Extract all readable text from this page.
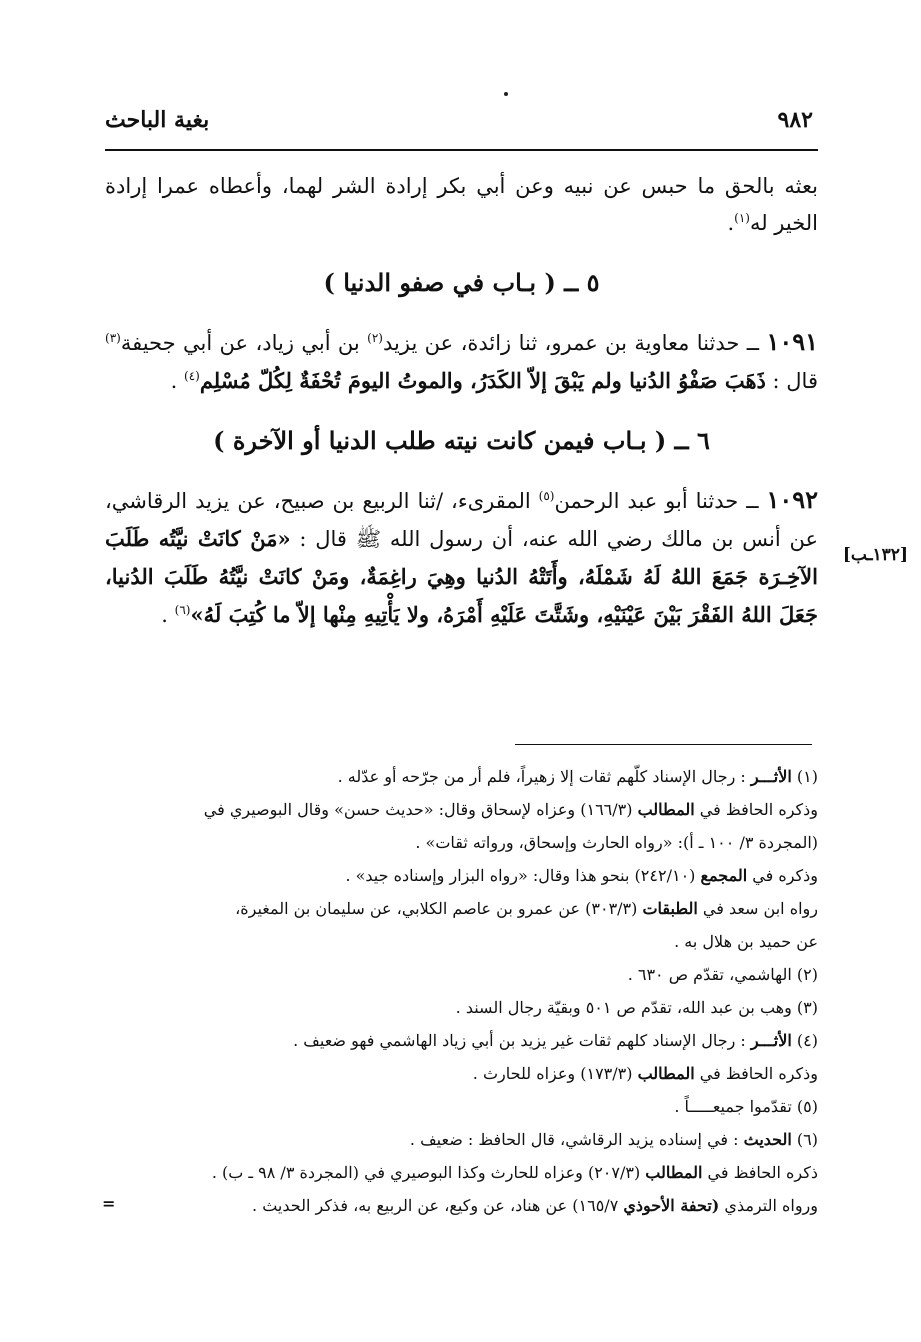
٩٨٢
بغية الباحث

بعثه بالحق ما حبس عن نبيه وعن أبي بكر إرادة الشر لهما، وأعطاه عمرا إرادة الخير له$^{(١)}$.

٥ ــ ( بـاب في صفو الدنيا )

١٠٩١ ــ حدثنا معاوية بن عمرو، ثنا زائدة، عن يزيد$^{(٢)}$ بن أبي زياد، عن أبي جحيفة$^{(٣)}$ قال : ذَهَبَ صَفْوُ الدُنيا ولم يَبْقَ إلاّ الكَدَرُ، والموتُ اليومَ تُحْفَةٌ لِكُلّ مُسْلِم$^{(٤)}$ .

٦ ــ ( بـاب فيمن كانت نيته طلب الدنيا أو الآخرة )

١٠٩٢ ــ حدثنا أبو عبد الرحمن$^{(٥)}$ المقرىء، /ثنا الربيع بن صبيح، عن يزيد الرقاشي، عن أنس بن مالك رضي الله عنه، أن رسول الله ﷺ قال : «مَنْ كانَتْ نيَّتُه طَلَبَ الآخِـرَة جَمَعَ اللهُ لَهُ شَمْلَهُ، وأَتَتْهُ الدُنيا وهِيَ راغِمَةٌ، ومَنْ كانَتْ نيَّتُهُ طَلَبَ الدُنيا، جَعَلَ اللهُ الفَقْرَ بَيْنَ عَيْنَيْهِ، وشَتَّتَ عَلَيْهِ أَمْرَهُ، ولا يَأْتِيهِ مِنْها إلاّ ما كُتِبَ لَهُ»$^{(٦)}$ .

[١٣٢ـب]

(١) الأثـــر : رجال الإسناد كلّهم ثقات إلا زهيراً، فلم أر من جرّحه أو عدّله .

وذكره الحافظ في المطالب (١٦٦/٣) وعزاه لإسحاق وقال: «حديث حسن» وقال البوصيري في

(المجردة ٣/ ١٠٠ ـ أ): «رواه الحارث وإسحاق، ورواته ثقات» .

وذكره في المجمع (٢٤٢/١٠) بنحو هذا وقال: «رواه البزار وإسناده جيد» .

رواه ابن سعد في الطبقات (٣٠٣/٣) عن عمرو بن عاصم الكلابي، عن سليمان بن المغيرة،

عن حميد بن هلال به .

(٢) الهاشمي، تقدّم ص ٦٣٠ .

(٣) وهب بن عبد الله، تقدّم ص ٥٠١ وبقيّة رجال السند .

(٤) الأثـــر : رجال الإسناد كلهم ثقات غير يزيد بن أبي زياد الهاشمي فهو ضعيف .

وذكره الحافظ في المطالب (١٧٣/٣) وعزاه للحارث .

(٥) تقدّموا جميعـــــاً .

(٦) الحديث : في إسناده يزيد الرقاشي، قال الحافظ : ضعيف .

ذكره الحافظ في المطالب (٢٠٧/٣) وعزاه للحارث وكذا البوصيري في (المجردة ٣/ ٩٨ ـ ب) .

ورواه الترمذي (تحفة الأحوذي ١٦٥/٧) عن هناد، عن وكيع، عن الربيع به، فذكر الحديث .

=
